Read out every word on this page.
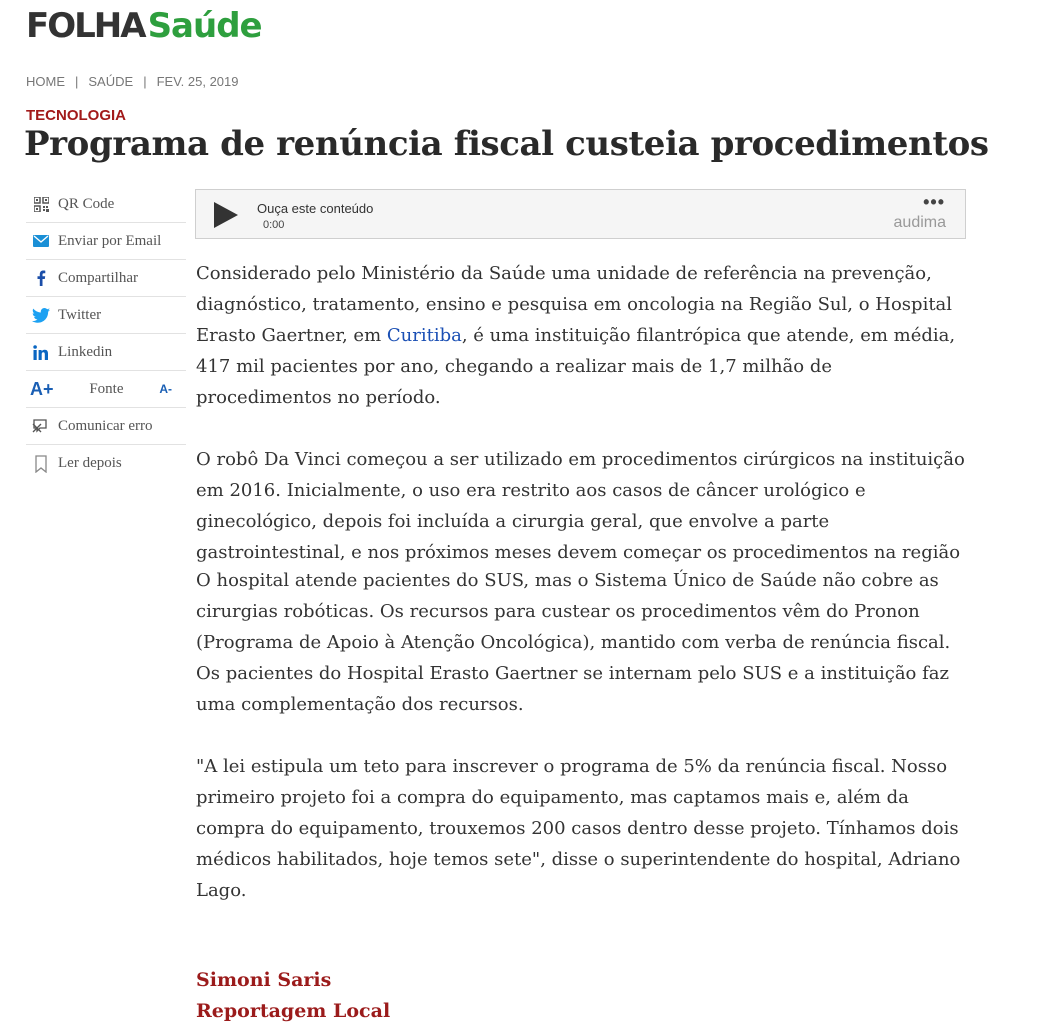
FOLHASaúde
HOME | SAÚDE | FEV. 25, 2019
TECNOLOGIA
Programa de renúncia fiscal custeia procedimentos
QR Code
Enviar por Email
Compartilhar
Twitter
Linkedin
A+ Fonte	A-
Comunicar erro
Ler depois
Ouça este conteúdo
0:00
•••
audima

Considerado pelo Ministério da Saúde uma unidade de referência na prevenção, diagnóstico, tratamento, ensino e pesquisa em oncologia na Região Sul, o Hospital Erasto Gaertner, em Curitiba, é uma instituição filantrópica que atende, em média, 417 mil pacientes por ano, chegando a realizar mais de 1,7 milhão de procedimentos no período.

O robô Da Vinci começou a ser utilizado em procedimentos cirúrgicos na instituição em 2016. Inicialmente, o uso era restrito aos casos de câncer urológico e ginecológico, depois foi incluída a cirurgia geral, que envolve a parte gastrointestinal, e nos próximos meses devem começar os procedimentos na região

O hospital atende pacientes do SUS, mas o Sistema Único de Saúde não cobre as cirurgias robóticas. Os recursos para custear os procedimentos vêm do Pronon (Programa de Apoio à Atenção Oncológica), mantido com verba de renúncia fiscal. Os pacientes do Hospital Erasto Gaertner se internam pelo SUS e a instituição faz uma complementação dos recursos.

"A lei estipula um teto para inscrever o programa de 5% da renúncia fiscal. Nosso primeiro projeto foi a compra do equipamento, mas captamos mais e, além da compra do equipamento, trouxemos 200 casos dentro desse projeto. Tínhamos dois médicos habilitados, hoje temos sete", disse o superintendente do hospital, Adriano Lago.

Simoni Saris
Reportagem Local
